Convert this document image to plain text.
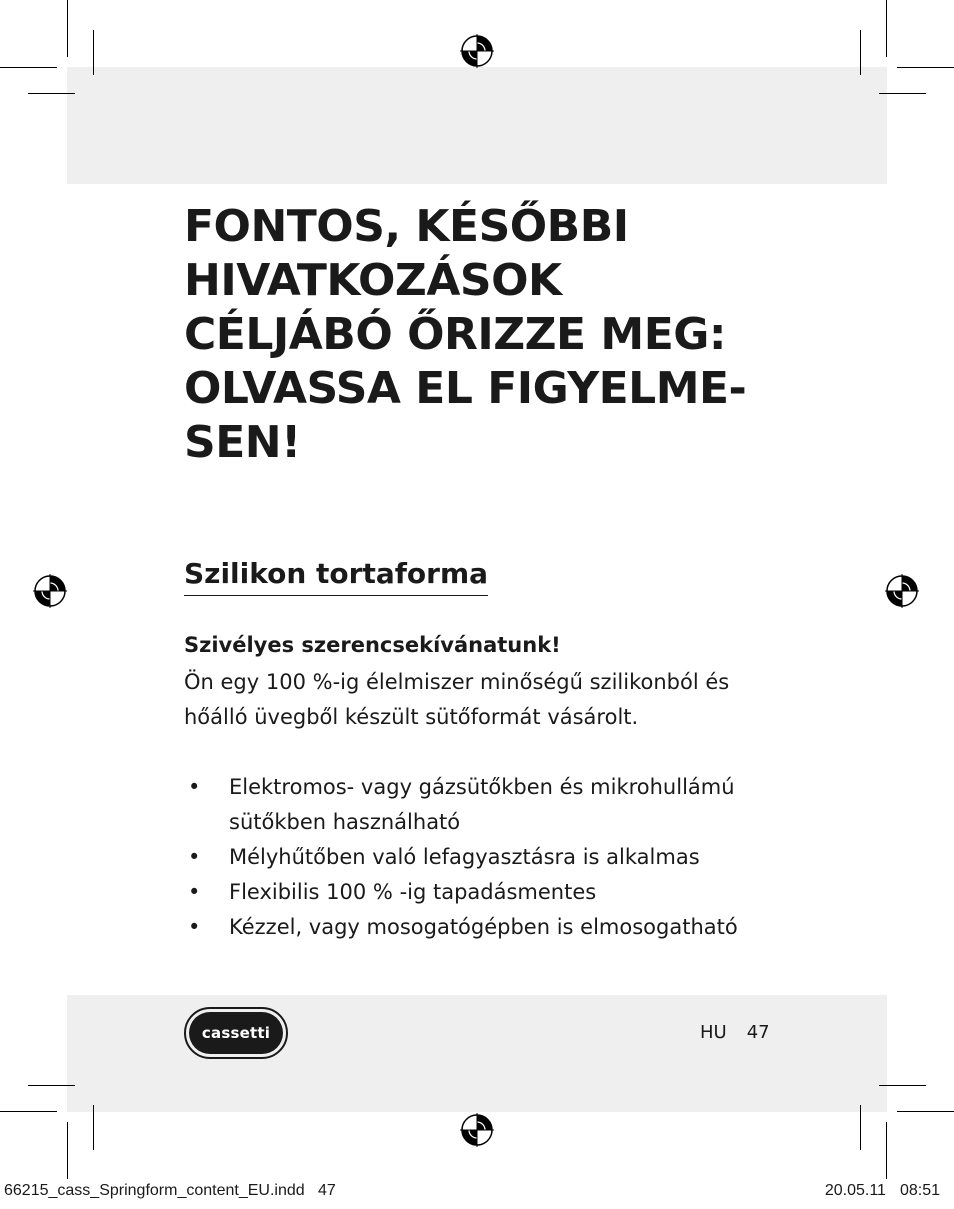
FONTOS, KÉSŐBBI
HIVATKOZÁSOK
CÉLJÁBÓ ŐRIZZE MEG:
OLVASSA EL FIGYELME-
SEN!
Szilikon tortaforma

Szivélyes szerencsekívánatunk!

Ön egy 100 %-ig élelmiszer minőségű szilikonból és
hőálló üvegből készült sütőformát vásárolt.

• Elektromos- vagy gázsütőkben és mikrohullámú
sütőkben használható
• Mélyhűtőben való lefagyasztásra is alkalmas
• Flexibilis 100 % -ig tapadásmentes
• Kézzel, vagy mosogatógépben is elmosogatható
cassetti	HU 47
66215_cass_Springform_content_EU.indd   47	20.05.11 08:51
